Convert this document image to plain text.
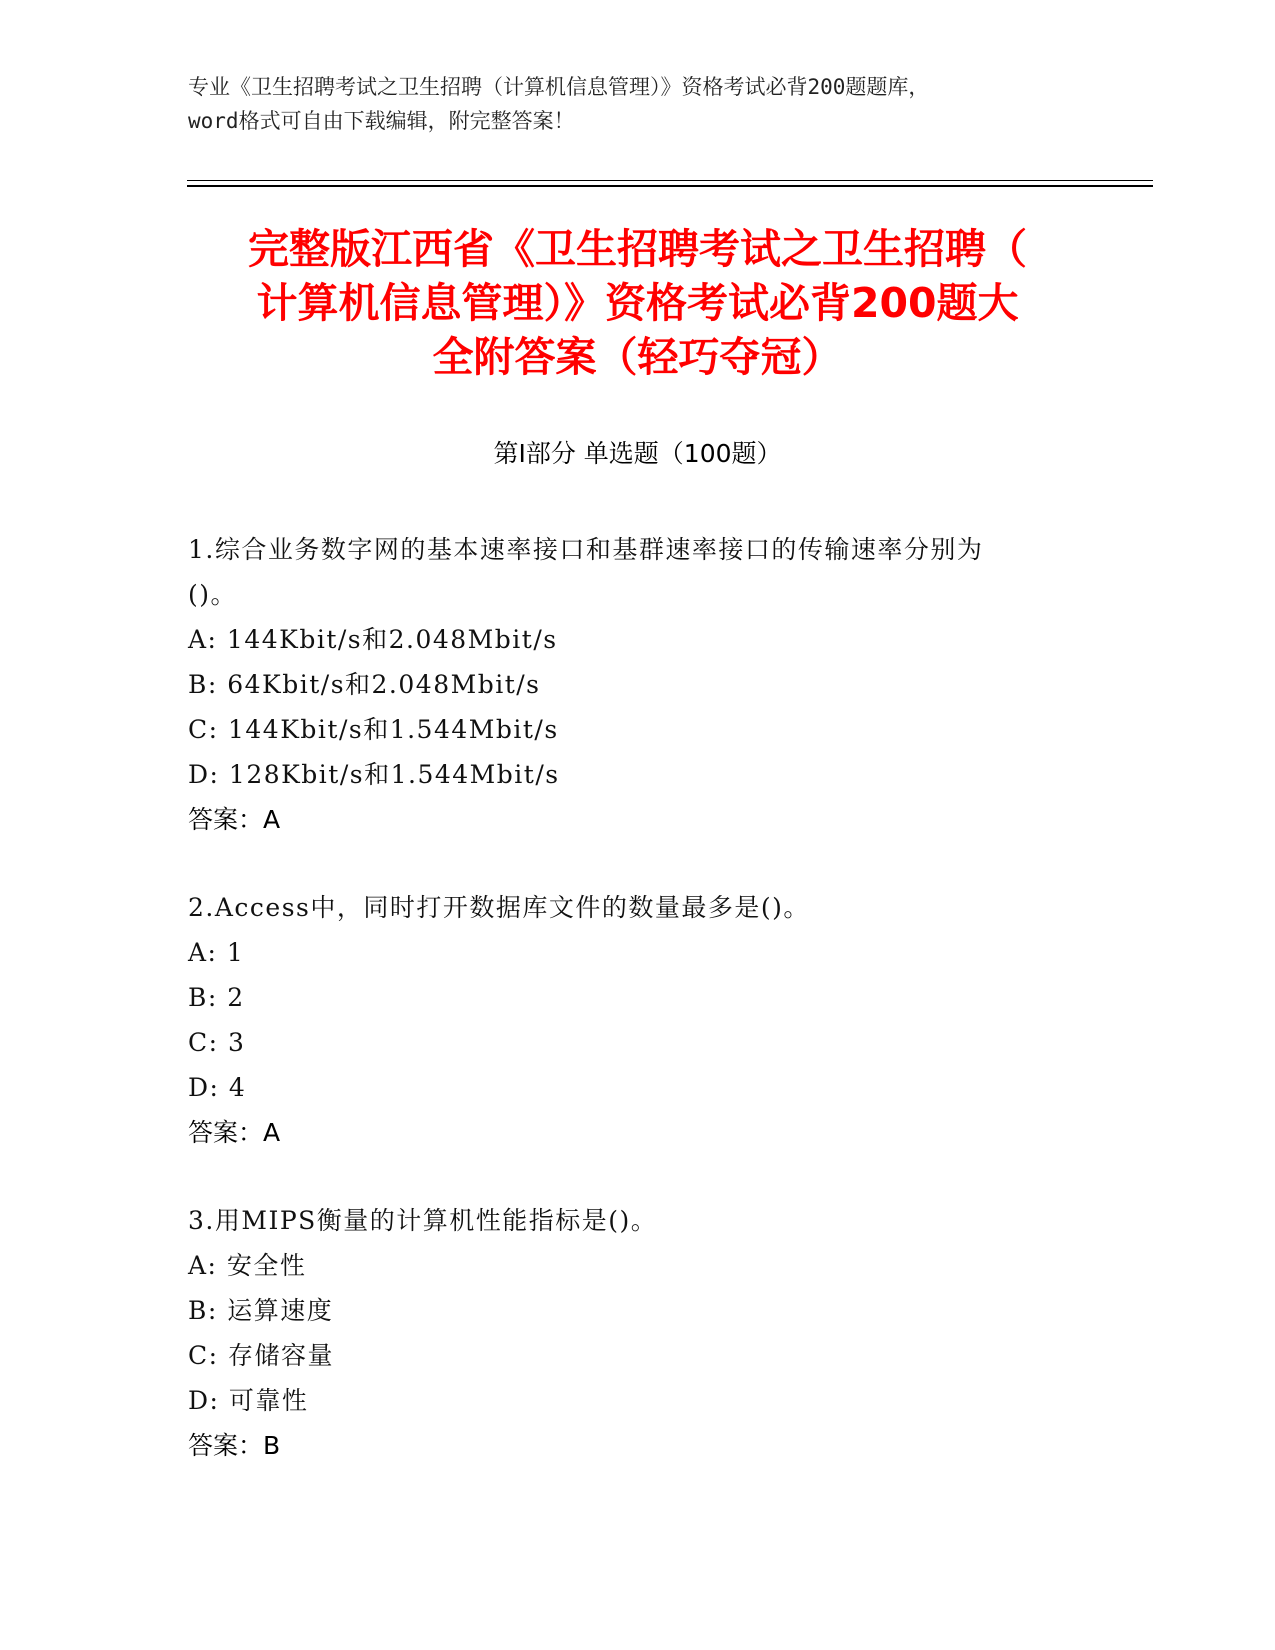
专业《卫生招聘考试之卫生招聘（计算机信息管理）》资格考试必背200题题库，
word格式可自由下载编辑，附完整答案！
完整版江西省《卫生招聘考试之卫生招聘（
计算机信息管理）》资格考试必背200题大
全附答案（轻巧夺冠）
第I部分 单选题（100题）
1.综合业务数字网的基本速率接口和基群速率接口的传输速率分别为
()。
A: 144Kbit/s和2.048Mbit/s
B: 64Kbit/s和2.048Mbit/s
C: 144Kbit/s和1.544Mbit/s
D: 128Kbit/s和1.544Mbit/s
答案：A
2.Access中，同时打开数据库文件的数量最多是()。
A: 1
B: 2
C: 3
D: 4
答案：A
3.用MIPS衡量的计算机性能指标是()。
A: 安全性
B: 运算速度
C: 存储容量
D: 可靠性
答案：B
